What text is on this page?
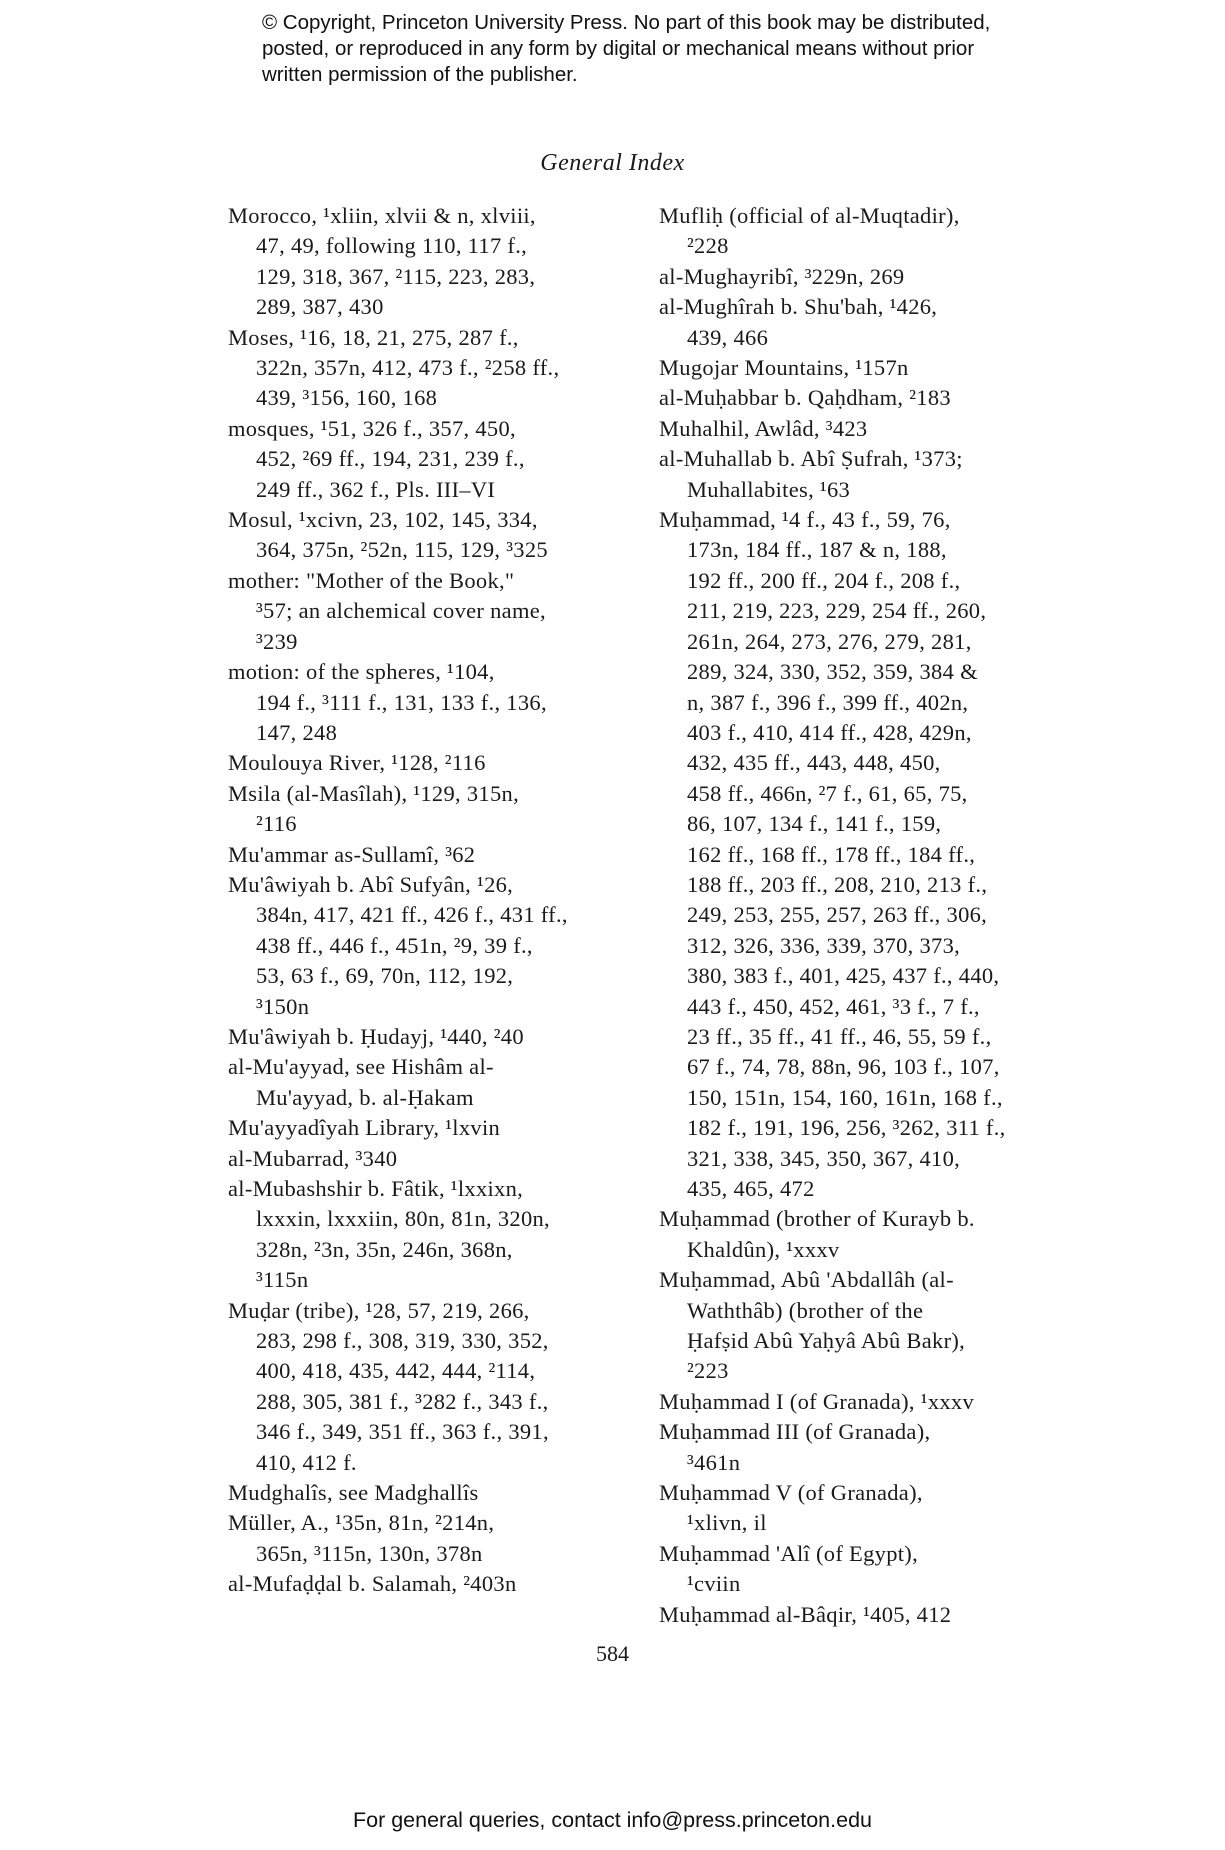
© Copyright, Princeton University Press. No part of this book may be distributed, posted, or reproduced in any form by digital or mechanical means without prior written permission of the publisher.
General Index

Morocco, ¹xliin, xlvii & n, xlviii,
47, 49, following 110, 117 f.,
129, 318, 367, ²115, 223, 283,
289, 387, 430

Moses, ¹16, 18, 21, 275, 287 f.,
322n, 357n, 412, 473 f., ²258 ff.,
439, ³156, 160, 168

mosques, ¹51, 326 f., 357, 450,
452, ²69 ff., 194, 231, 239 f.,
249 ff., 362 f., Pls. III–VI

Mosul, ¹xcivn, 23, 102, 145, 334,
364, 375n, ²52n, 115, 129, ³325

mother: "Mother of the Book,"
³57; an alchemical cover name,
³239

motion: of the spheres, ¹104,
194 f., ³111 f., 131, 133 f., 136,
147, 248

Moulouya River, ¹128, ²116

Msila (al-Masîlah), ¹129, 315n,
²116

Mu'ammar as-Sullamî, ³62

Mu'âwiyah b. Abî Sufyân, ¹26,
384n, 417, 421 ff., 426 f., 431 ff.,
438 ff., 446 f., 451n, ²9, 39 f.,
53, 63 f., 69, 70n, 112, 192,
³150n

Mu'âwiyah b. Ḥudayj, ¹440, ²40

al-Mu'ayyad, see Hishâm al-
Mu'ayyad, b. al-Ḥakam

Mu'ayyadîyah Library, ¹lxvin

al-Mubarrad, ³340

al-Mubashshir b. Fâtik, ¹lxxixn,
lxxxin, lxxxiin, 80n, 81n, 320n,
328n, ²3n, 35n, 246n, 368n,
³115n

Muḍar (tribe), ¹28, 57, 219, 266,
283, 298 f., 308, 319, 330, 352,
400, 418, 435, 442, 444, ²114,
288, 305, 381 f., ³282 f., 343 f.,
346 f., 349, 351 ff., 363 f., 391,
410, 412 f.

Mudghalîs, see Madghallîs

Müller, A., ¹35n, 81n, ²214n,
365n, ³115n, 130n, 378n

al-Mufaḍḍal b. Salamah, ²403n

Mufliḥ (official of al-Muqtadir),
²228

al-Mughayribî, ³229n, 269

al-Mughîrah b. Shu'bah, ¹426,
439, 466

Mugojar Mountains, ¹157n

al-Muḥabbar b. Qaḥdham, ²183

Muhalhil, Awlâd, ³423

al-Muhallab b. Abî Ṣufrah, ¹373;
Muhallabites, ¹63

Muḥammad, ¹4 f., 43 f., 59, 76,
173n, 184 ff., 187 & n, 188,
192 ff., 200 ff., 204 f., 208 f.,
211, 219, 223, 229, 254 ff., 260,
261n, 264, 273, 276, 279, 281,
289, 324, 330, 352, 359, 384 &
n, 387 f., 396 f., 399 ff., 402n,
403 f., 410, 414 ff., 428, 429n,
432, 435 ff., 443, 448, 450,
458 ff., 466n, ²7 f., 61, 65, 75,
86, 107, 134 f., 141 f., 159,
162 ff., 168 ff., 178 ff., 184 ff.,
188 ff., 203 ff., 208, 210, 213 f.,
249, 253, 255, 257, 263 ff., 306,
312, 326, 336, 339, 370, 373,
380, 383 f., 401, 425, 437 f., 440,
443 f., 450, 452, 461, ³3 f., 7 f.,
23 ff., 35 ff., 41 ff., 46, 55, 59 f.,
67 f., 74, 78, 88n, 96, 103 f., 107,
150, 151n, 154, 160, 161n, 168 f.,
182 f., 191, 196, 256, ³262, 311 f.,
321, 338, 345, 350, 367, 410,
435, 465, 472

Muḥammad (brother of Kurayb b.
Khaldûn), ¹xxxv

Muḥammad, Abû 'Abdallâh (al-
Waththâb) (brother of the
Ḥafṣid Abû Yaḥyâ Abû Bakr),
²223

Muḥammad I (of Granada), ¹xxxv

Muḥammad III (of Granada),
³461n

Muḥammad V (of Granada),
¹xlivn, il

Muḥammad 'Alî (of Egypt),
¹cviin

Muḥammad al-Bâqir, ¹405, 412

584
For general queries, contact info@press.princeton.edu
